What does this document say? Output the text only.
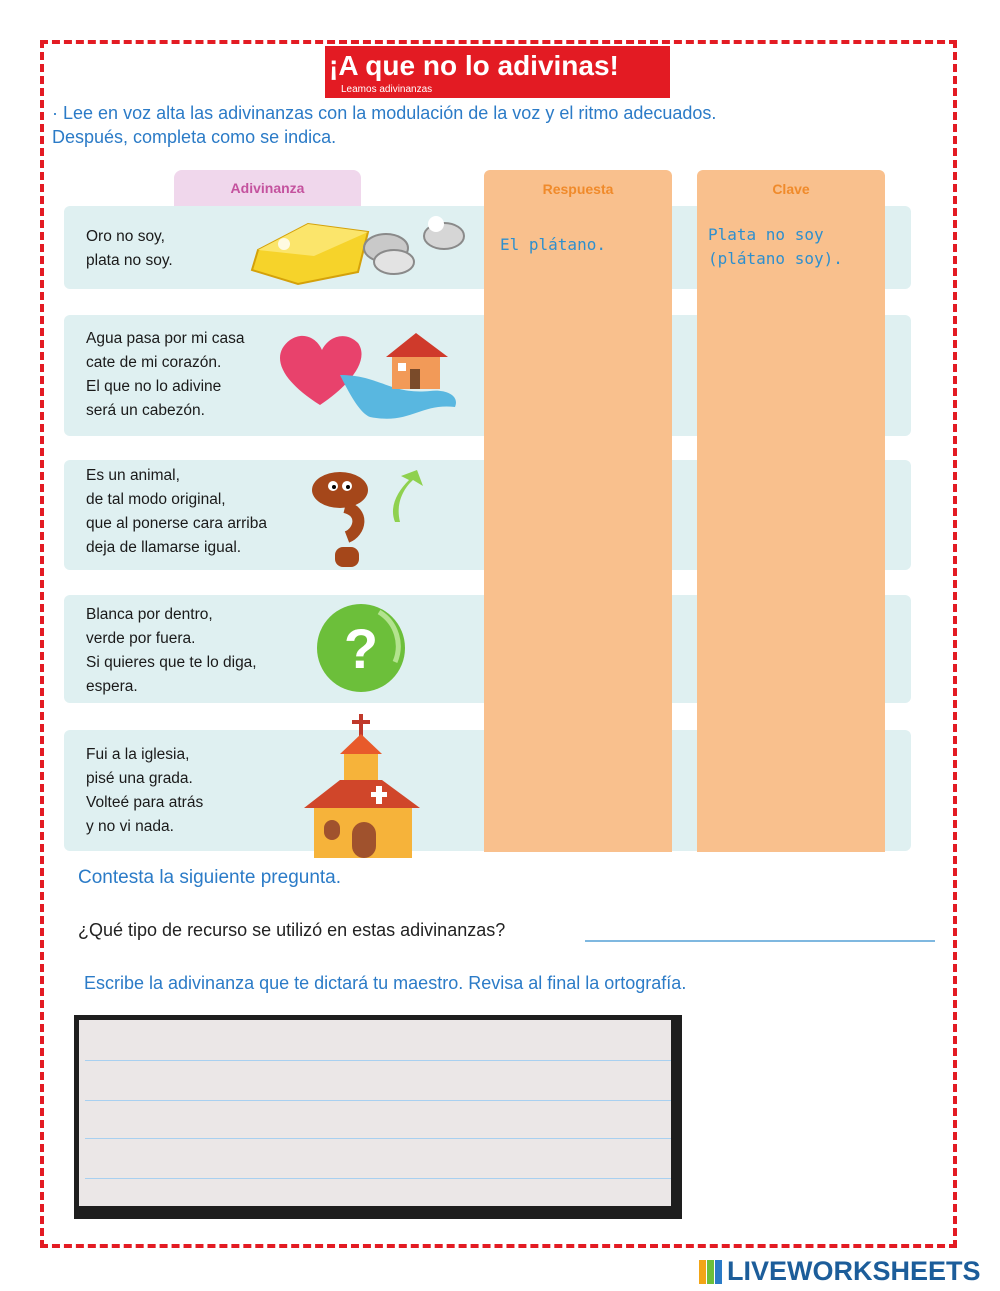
¡A que no lo adivinas!
Leamos adivinanzas
· Lee en voz alta las adivinanzas con la modulación de la voz y el ritmo adecuados.
Después, completa como se indica.
Adivinanza	Respuesta	Clave
Oro no soy,
plata no soy.
Agua pasa por mi casa
cate de mi corazón.
El que no lo adivine
será un cabezón.
Es un animal,
de tal modo original,
que al ponerse cara arriba
deja de llamarse igual.
Blanca por dentro,
verde por fuera.
Si quieres que te lo diga,
espera.
Fui a la iglesia,
pisé una grada.
Volteé para atrás
y no vi nada.
El plátano.
Plata no soy
(plátano soy).
?
Contesta la siguiente pregunta.
¿Qué tipo de recurso se utilizó en estas adivinanzas?
Escribe la adivinanza que te dictará tu maestro. Revisa al final la ortografía.
LIVEWORKSHEETS
